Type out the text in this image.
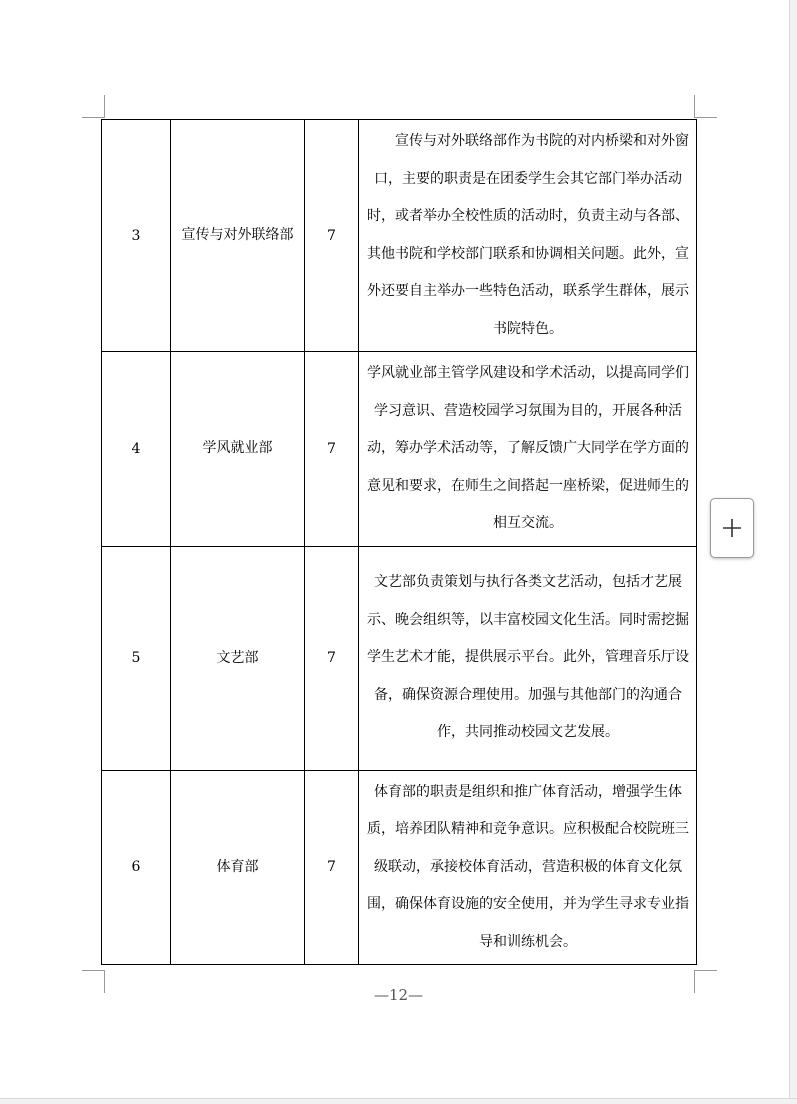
3	宣传与对外联络部	7	宣传与对外联络部作为书院的对内桥梁和对外窗口，主要的职责是在团委学生会其它部门举办活动时，或者举办全校性质的活动时，负责主动与各部、其他书院和学校部门联系和协调相关问题。此外，宣外还要自主举办一些特色活动，联系学生群体，展示书院特色。
4	学风就业部	7	学风就业部主管学风建设和学术活动，以提高同学们学习意识、营造校园学习氛围为目的，开展各种活动，筹办学术活动等，了解反馈广大同学在学方面的意见和要求，在师生之间搭起一座桥梁，促进师生的相互交流。
5	文艺部	7	文艺部负责策划与执行各类文艺活动，包括才艺展示、晚会组织等，以丰富校园文化生活。同时需挖掘学生艺术才能，提供展示平台。此外，管理音乐厅设备，确保资源合理使用。加强与其他部门的沟通合作，共同推动校园文艺发展。
6	体育部	7	体育部的职责是组织和推广体育活动，增强学生体质，培养团队精神和竞争意识。应积极配合校院班三级联动，承接校体育活动，营造积极的体育文化氛围，确保体育设施的安全使用，并为学生寻求专业指导和训练机会。
—12—
